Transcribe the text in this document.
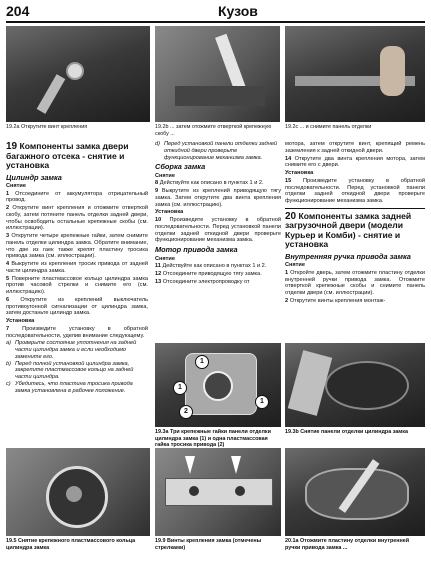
204	Кузов
19.2a Открутите винт крепления	19.2b ... затем отожмите отверткой крепежную скобу ...
19.2c ... и снимите панель отделки
19 Компоненты замка двери багажного отсека - снятие и установка
Цилиндр замка
Снятие

1 Отсоедините от аккумулятора отрицательный провод.

2 Открутите винт крепления и отожмите отверткой скобу, затем потяните панель отделки задней двери, чтобы освободить остальные крепежные скобы (см. иллюстрации).

3 Открутите четыре крепежные гайки, затем снимите панель отделки цилиндра замка. Обратите внимание, что две из гаек также крепят пластину тросика привода замка (см. иллюстрации).

4 Выкрутите из крепления тросик привода от задней части цилиндра замка.

5 Поверните пластмассовое кольцо цилиндра замка против часовой стрелки и снимите его (см. иллюстрацию).

6 Открутите из креплений выключатель противоугонной сигнализации от цилиндра замка, затем достаньте цилиндр замка.

Установка

7 Произведите установку в обратной последовательности, уделив внимание следующему.

a) Проверьте состояние уплотнения на задней части цилиндра замка и если необходимо замените его.
b) Перед полной установкой цилиндра замка, закрепите пластмассовое кольцо на задней части цилиндра.
c) Убедитесь, что пластина тросика привода замка установлена в рабочее положение.
d) Перед установкой панели отделки задней откидной двери проверьте функционирование механизма замка.
Сборка замка
Снятие

8 Действуйте как описано в пунктах 1 и 2.

9 Выкрутите из креплений приводящую тягу замка. Затем открутите два винта крепления замка (см. иллюстрацию).

Установка

10 Произведите установку в обратной последовательности. Перед установкой панели отделки задней откидной двери проверьте функционирование механизма замка.

Мотор привода замка
Снятие

11 Действуйте как описано в пунктах 1 и 2.

12 Отсоедините приводящую тягу замка.

13 Отсоедините электропроводку от

мотора, затем открутите винт, крепящий ремень заземления к задней откидной двери.

14 Открутите два винта крепления мотора, затем снимите его с двери.

Установка

15 Произведите установку в обратной последовательности. Перед установкой панели отделки задней откидной двери проверьте функционирование механизма замка.

20 Компоненты замка задней загрузочной двери (модели Курьер и Комби) - снятие и установка
Внутренняя ручка привода замка
Снятие

1 Откройте дверь, затем отожмите пластину отделки внутренней ручки привода замка. Отожмите отверткой крепежные скобы и снимите панель отделки двери (см. иллюстрации).

2 Открутите винты крепления монтаж-

1
1
2
1
19.3a Три крепежные гайки панели отделки цилиндра замка (1) и одна пластмассовая гайка тросика привода (2)
19.3b Снятие панели отделки цилиндра замка
19.5 Снятие крепежного пластмассового кольца цилиндра замка
19.9 Винты крепления замка (отмечены стрелками)
20.1a Отожмите пластину отделки внутренней ручки привода замка ...
